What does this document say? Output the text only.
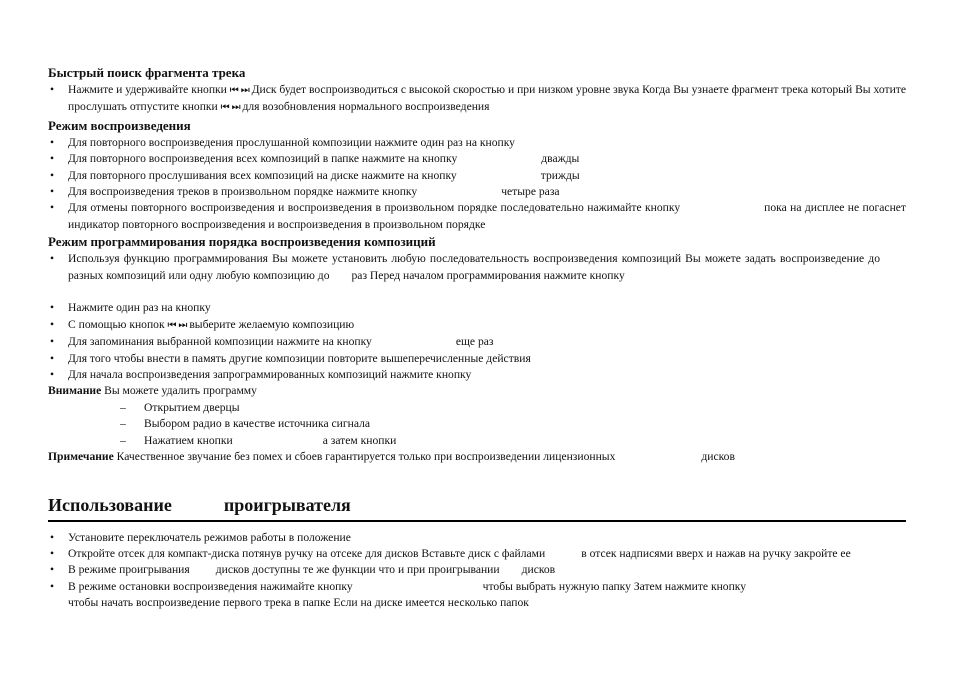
Быстрый поиск фрагмента трека
• Нажмите и удерживайте кнопки ⏮ ⏭ Диск будет воспроизводиться с высокой скоростью и при низком уровне звука Когда Вы узнаете фрагмент трека который Вы хотите прослушать отпустите кнопки ⏮ ⏭ для возобновления нормального воспроизведения
Режим воспроизведения
• Для повторного воспроизведения прослушанной композиции нажмите один раз на кнопку
• Для повторного воспроизведения всех композиций в папке нажмите на кнопку	дважды
• Для повторного прослушивания всех композиций на диске нажмите на кнопку	трижды
• Для воспроизведения треков в произвольном порядке нажмите кнопку	четыре раза
• Для отмены повторного воспроизведения и воспроизведения в произвольном порядке последовательно нажимайте кнопку	пока на дисплее не погаснет индикатор повторного воспроизведения и воспроизведения в произвольном порядке
Режим программирования порядка воспроизведения композиций
• Используя функцию программирования Вы можете установить любую последовательность воспроизведения композиций Вы можете задать воспроизведение доразных композиций или одну любую композицию до раз Перед началом программирования нажмите кнопку
• Нажмите один раз на кнопку
• С помощью кнопок ⏮ ⏭ выберите желаемую композицию
• Для запоминания выбранной композиции нажмите на кнопку	еще раз
• Для того чтобы внести в память другие композиции повторите вышеперечисленные действия
• Для начала воспроизведения запрограммированных композиций нажмите кнопку
Внимание Вы можете удалить программу
– Открытием дверцы
– Выбором радио в качестве источника сигнала
– Нажатием кнопки	а затем кнопки
Примечание Качественное звучание без помех и сбоев гарантируется только при воспроизведении лицензионных	дисков
Использование	проигрывателя
• Установите переключатель режимов работы в положение
• Откройте отсек для компакт-диска потянув ручку на отсеке для дисков Вставьте диск с файлами	в отсек надписями вверх и нажав на ручку закройте ее
• В режиме проигрывания дисков доступны те же функции что и при проигрывании дисков
• В режиме остановки воспроизведения нажимайте кнопку	чтобы выбрать нужную папку Затем нажмите кнопку
чтобы начать воспроизведение первого трека в папке Если на диске имеется несколько папок
